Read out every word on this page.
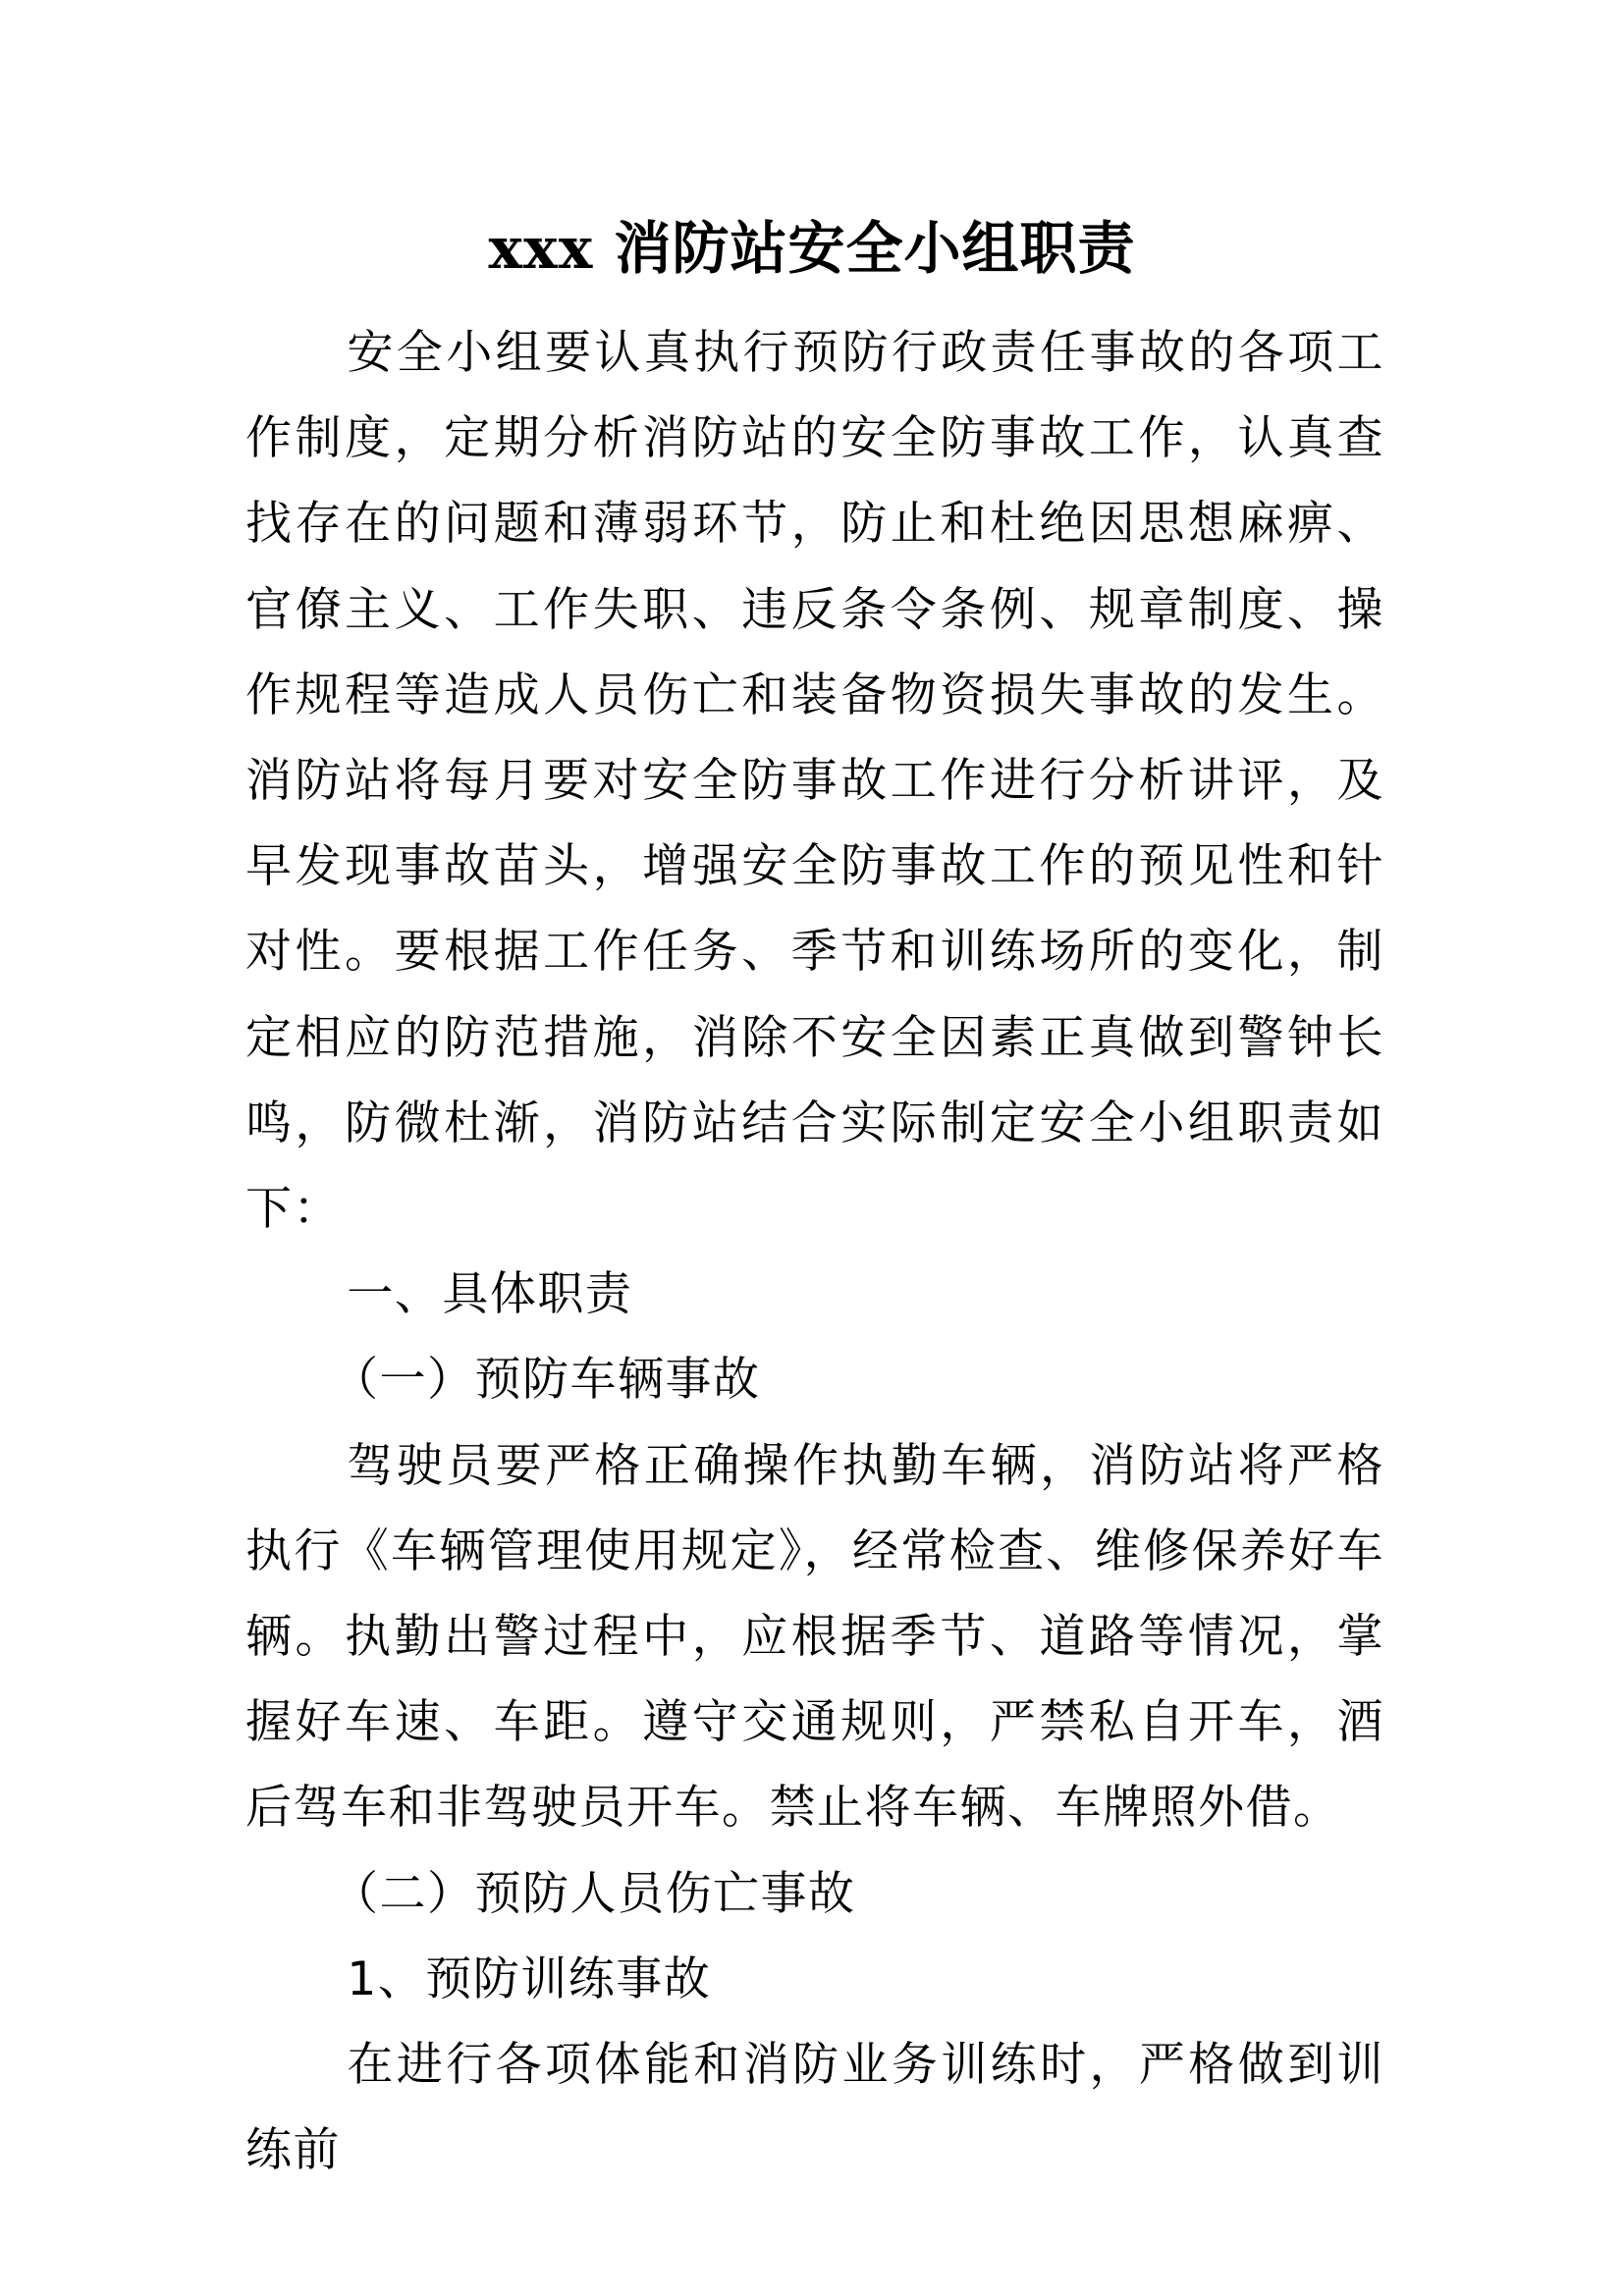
xxx 消防站安全小组职责

安全小组要认真执行预防行政责任事故的各项工作制度，定期分析消防站的安全防事故工作，认真查找存在的问题和薄弱环节，防止和杜绝因思想麻痹、官僚主义、工作失职、违反条令条例、规章制度、操作规程等造成人员伤亡和装备物资损失事故的发生。消防站将每月要对安全防事故工作进行分析讲评，及早发现事故苗头，增强安全防事故工作的预见性和针对性。要根据工作任务、季节和训练场所的变化，制定相应的防范措施，消除不安全因素正真做到警钟长鸣，防微杜渐，消防站结合实际制定安全小组职责如下：

一、具体职责

（一）预防车辆事故

驾驶员要严格正确操作执勤车辆，消防站将严格执行《车辆管理使用规定》，经常检查、维修保养好车辆。执勤出警过程中，应根据季节、道路等情况，掌握好车速、车距。遵守交通规则，严禁私自开车，酒后驾车和非驾驶员开车。禁止将车辆、车牌照外借。

（二）预防人员伤亡事故

1、预防训练事故

在进行各项体能和消防业务训练时，严格做到训练前
